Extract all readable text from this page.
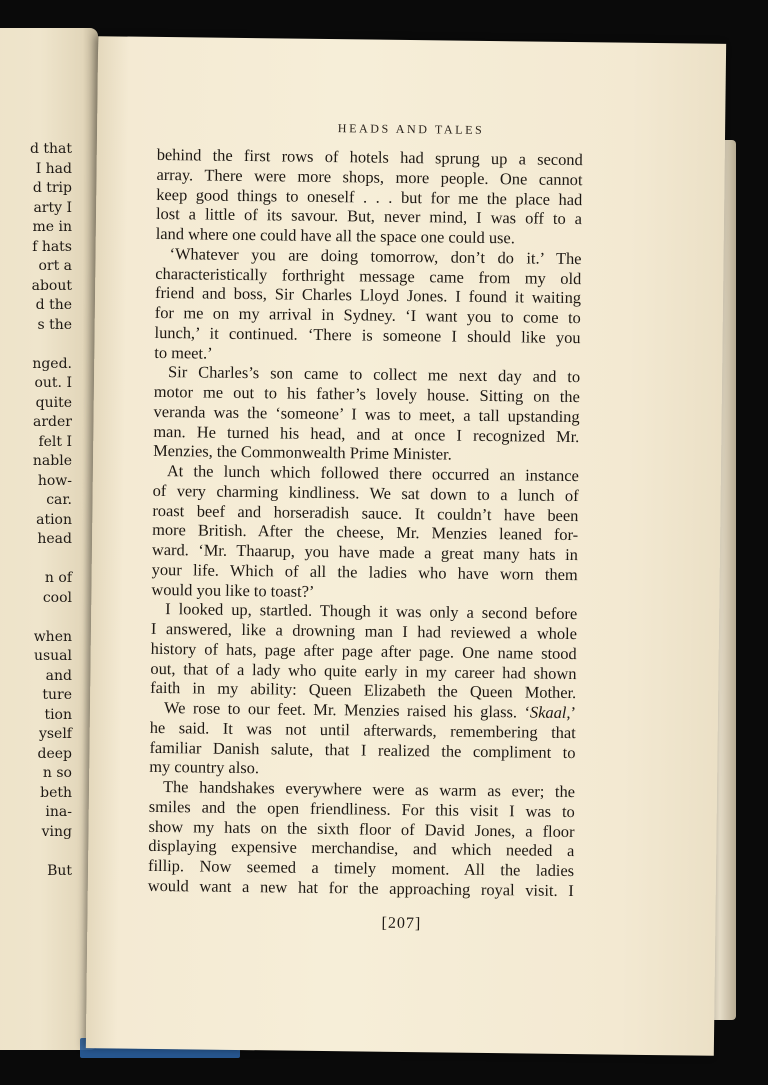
d that
I had
d trip
arty I
me in
f hats
ort a
about
d the
s the
nged.
out. I
quite
arder
felt I
nable
how-
car.
ation
head
n of
cool
when
usual
and
ture
tion
yself
deep
n so
beth
ina-
ving
But
HEADS AND TALES
behind the first rows of hotels had sprung up a second
array. There were more shops, more people. One cannot
keep good things to oneself . . . but for me the place had
lost a little of its savour. But, never mind, I was off to a
land where one could have all the space one could use.
‘Whatever you are doing tomorrow, don’t do it.’ The
characteristically forthright message came from my old
friend and boss, Sir Charles Lloyd Jones. I found it waiting
for me on my arrival in Sydney. ‘I want you to come to
lunch,’ it continued. ‘There is someone I should like you
to meet.’
Sir Charles’s son came to collect me next day and to
motor me out to his father’s lovely house. Sitting on the
veranda was the ‘someone’ I was to meet, a tall upstanding
man. He turned his head, and at once I recognized Mr.
Menzies, the Commonwealth Prime Minister.
At the lunch which followed there occurred an instance
of very charming kindliness. We sat down to a lunch of
roast beef and horseradish sauce. It couldn’t have been
more British. After the cheese, Mr. Menzies leaned for-
ward. ‘Mr. Thaarup, you have made a great many hats in
your life. Which of all the ladies who have worn them
would you like to toast?’
I looked up, startled. Though it was only a second before
I answered, like a drowning man I had reviewed a whole
history of hats, page after page after page. One name stood
out, that of a lady who quite early in my career had shown
faith in my ability: Queen Elizabeth the Queen Mother.
We rose to our feet. Mr. Menzies raised his glass. ‘Skaal,’
he said. It was not until afterwards, remembering that
familiar Danish salute, that I realized the compliment to
my country also.
The handshakes everywhere were as warm as ever; the
smiles and the open friendliness. For this visit I was to
show my hats on the sixth floor of David Jones, a floor
displaying expensive merchandise, and which needed a
fillip. Now seemed a timely moment. All the ladies
would want a new hat for the approaching royal visit. I
[207]
